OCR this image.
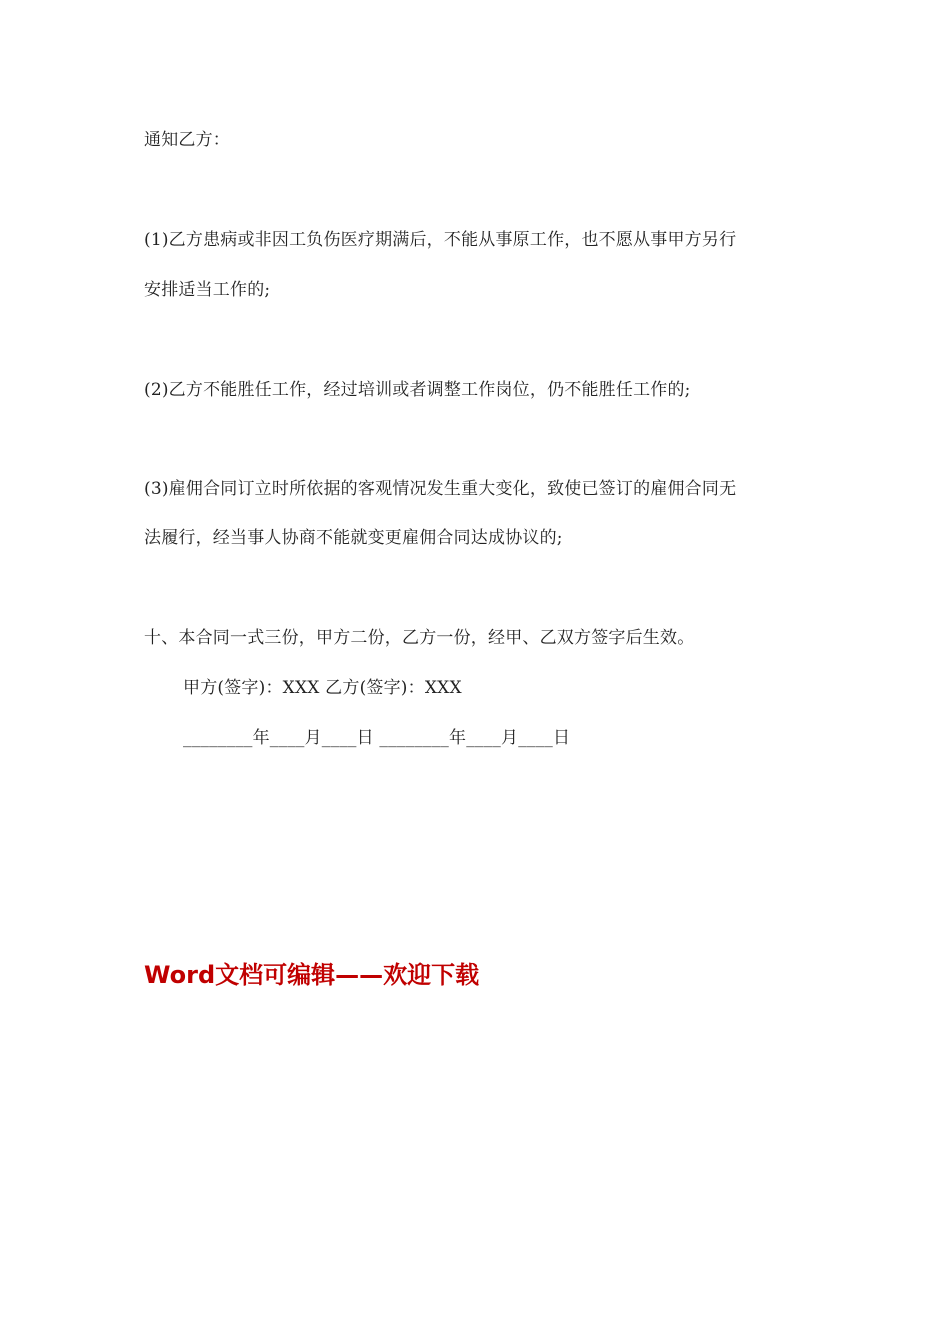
通知乙方：
(1)乙方患病或非因工负伤医疗期满后，不能从事原工作，也不愿从事甲方另行
安排适当工作的;
(2)乙方不能胜任工作，经过培训或者调整工作岗位，仍不能胜任工作的;
(3)雇佣合同订立时所依据的客观情况发生重大变化，致使已签订的雇佣合同无
法履行，经当事人协商不能就变更雇佣合同达成协议的;
十、本合同一式三份，甲方二份，乙方一份，经甲、乙双方签字后生效。
甲方(签字)：XXX 乙方(签字)：XXX
________年____月____日 ________年____月____日
Word文档可编辑——欢迎下载
